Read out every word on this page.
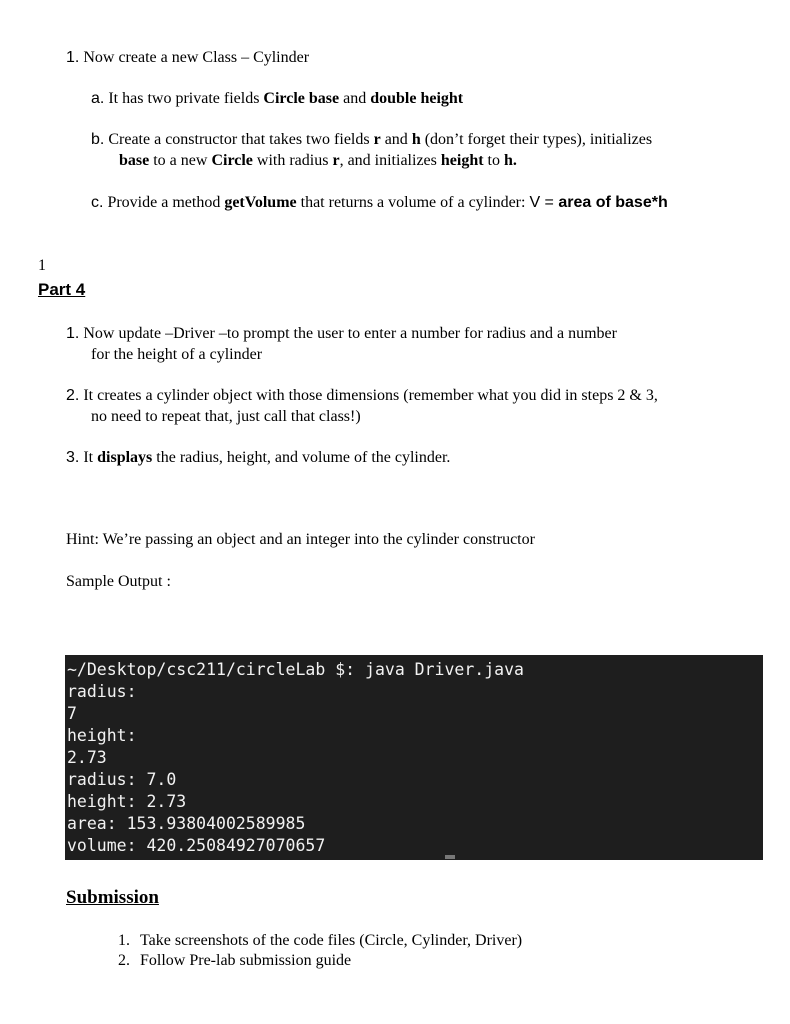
1. Now create a new Class – Cylinder
a. It has two private fields Circle base and double height
b. Create a constructor that takes two fields r and h (don’t forget their types), initializes
base to a new Circle with radius r, and initializes height to h.
c. Provide a method getVolume that returns a volume of a cylinder: V = area of base*h
1
Part 4
1. Now update –Driver –to prompt the user to enter a number for radius and a number
for the height of a cylinder
2. It creates a cylinder object with those dimensions (remember what you did in steps 2 & 3,
no need to repeat that, just call that class!)
3. It displays the radius, height, and volume of the cylinder.
Hint: We’re passing an object and an integer into the cylinder constructor
Sample Output :
~/Desktop/csc211/circleLab $: java Driver.java
radius:
7
height:
2.73
radius: 7.0
height: 2.73
area: 153.93804002589985
volume: 420.25084927070657
Submission
1. Take screenshots of the code files (Circle, Cylinder, Driver)
2. Follow Pre-lab submission guide
